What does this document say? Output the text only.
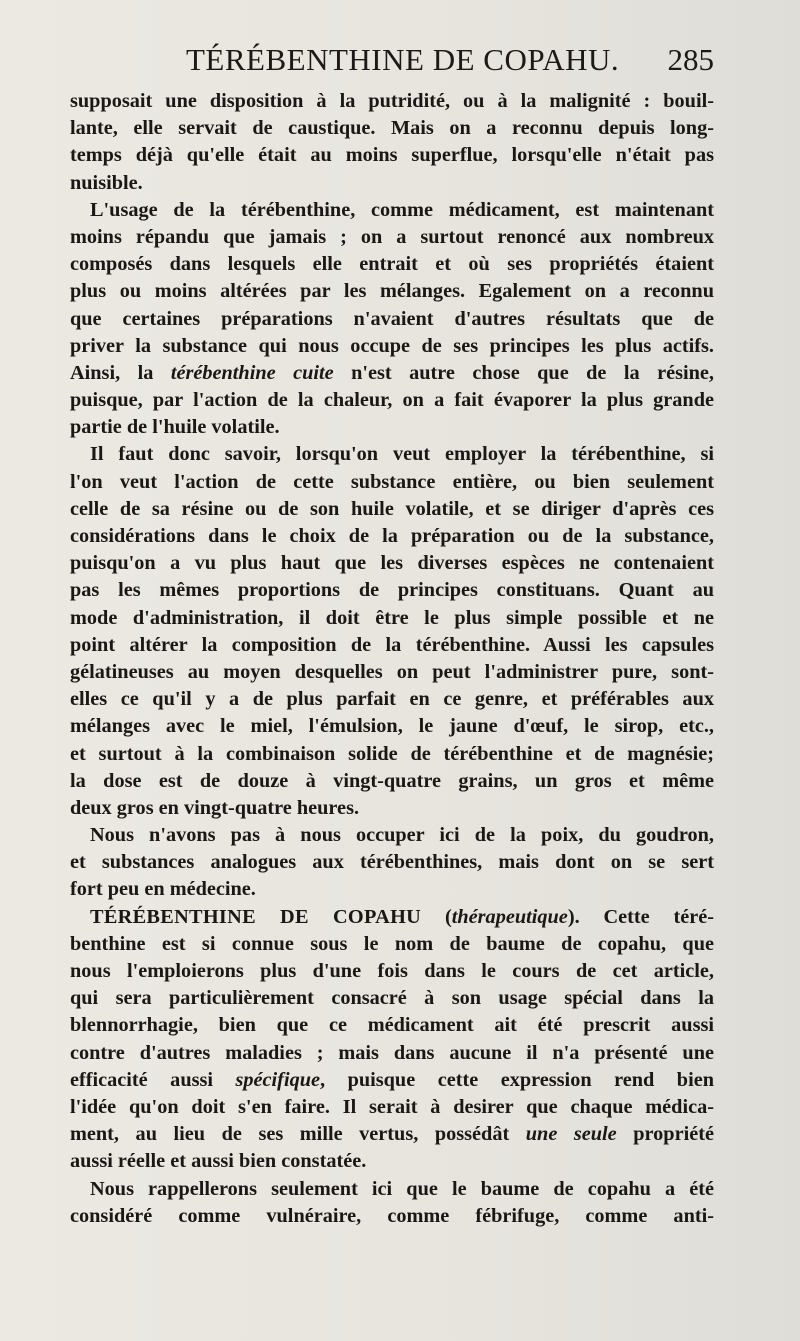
TÉRÉBENTHINE DE COPAHU. 285
supposait une disposition à la putridité, ou à la malignité : bouil-
lante, elle servait de caustique. Mais on a reconnu depuis long-
temps déjà qu'elle était au moins superflue, lorsqu'elle n'était pas
nuisible.
L'usage de la térébenthine, comme médicament, est maintenant
moins répandu que jamais ; on a surtout renoncé aux nombreux
composés dans lesquels elle entrait et où ses propriétés étaient
plus ou moins altérées par les mélanges. Egalement on a reconnu
que certaines préparations n'avaient d'autres résultats que de
priver la substance qui nous occupe de ses principes les plus actifs.
Ainsi, la térébenthine cuite n'est autre chose que de la résine,
puisque, par l'action de la chaleur, on a fait évaporer la plus grande
partie de l'huile volatile.
Il faut donc savoir, lorsqu'on veut employer la térébenthine, si
l'on veut l'action de cette substance entière, ou bien seulement
celle de sa résine ou de son huile volatile, et se diriger d'après ces
considérations dans le choix de la préparation ou de la substance,
puisqu'on a vu plus haut que les diverses espèces ne contenaient
pas les mêmes proportions de principes constituans. Quant au
mode d'administration, il doit être le plus simple possible et ne
point altérer la composition de la térébenthine. Aussi les capsules
gélatineuses au moyen desquelles on peut l'administrer pure, sont-
elles ce qu'il y a de plus parfait en ce genre, et préférables aux
mélanges avec le miel, l'émulsion, le jaune d'œuf, le sirop, etc.,
et surtout à la combinaison solide de térébenthine et de magnésie;
la dose est de douze à vingt-quatre grains, un gros et même
deux gros en vingt-quatre heures.
Nous n'avons pas à nous occuper ici de la poix, du goudron,
et substances analogues aux térébenthines, mais dont on se sert
fort peu en médecine.
TÉRÉBENTHINE DE COPAHU (thérapeutique). Cette téré-
benthine est si connue sous le nom de baume de copahu, que
nous l'emploierons plus d'une fois dans le cours de cet article,
qui sera particulièrement consacré à son usage spécial dans la
blennorrhagie, bien que ce médicament ait été prescrit aussi
contre d'autres maladies ; mais dans aucune il n'a présenté une
efficacité aussi spécifique, puisque cette expression rend bien
l'idée qu'on doit s'en faire. Il serait à desirer que chaque médica-
ment, au lieu de ses mille vertus, possédât une seule propriété
aussi réelle et aussi bien constatée.
Nous rappellerons seulement ici que le baume de copahu a été
considéré comme vulnéraire, comme fébrifuge, comme anti-
